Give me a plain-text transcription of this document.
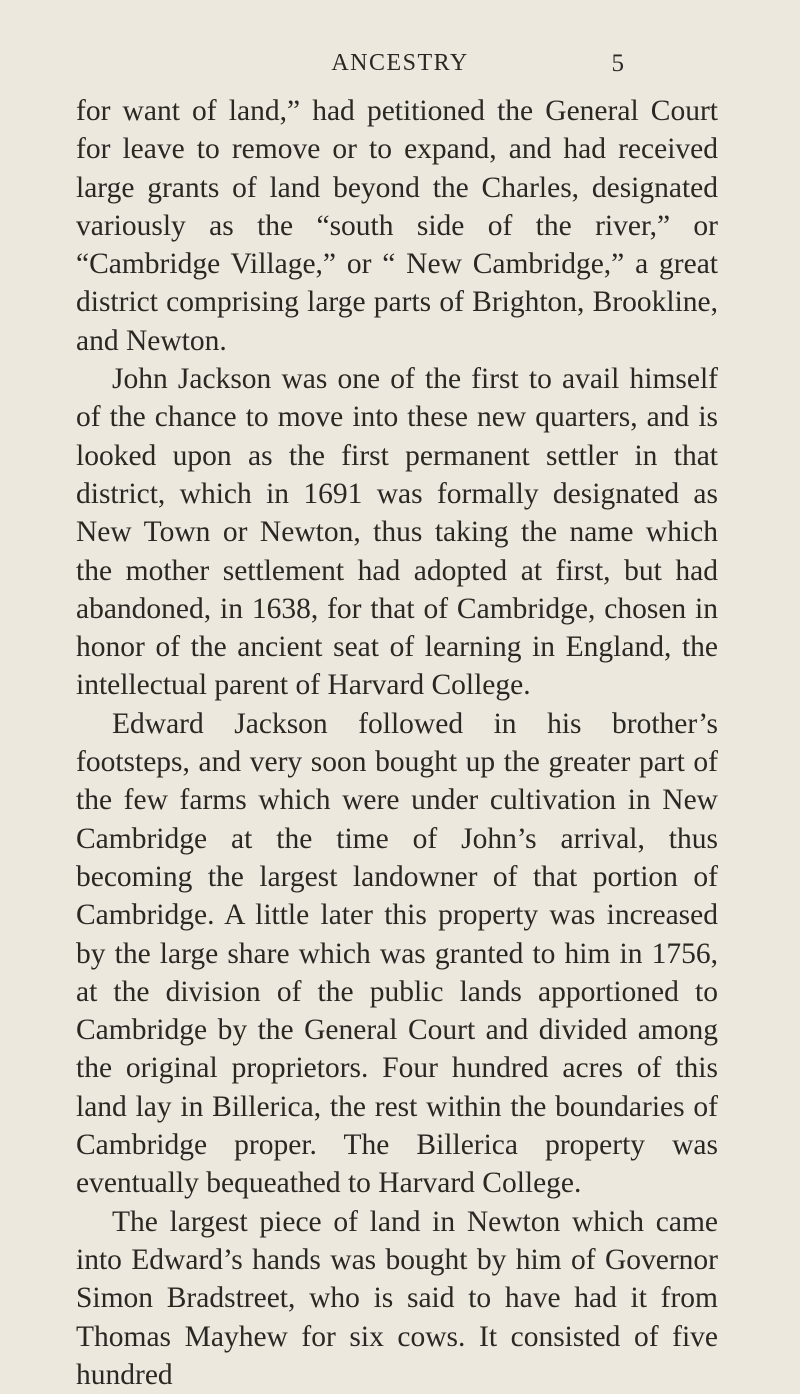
ANCESTRY	5

for want of land,” had petitioned the General Court for leave to remove or to expand, and had received large grants of land beyond the Charles, designated variously as the “south side of the river,” or “Cambridge Village,” or “ New Cambridge,” a great district comprising large parts of Brighton, Brookline, and Newton.

John Jackson was one of the first to avail himself of the chance to move into these new quarters, and is looked upon as the first permanent settler in that district, which in 1691 was formally designated as New Town or Newton, thus taking the name which the mother settlement had adopted at first, but had abandoned, in 1638, for that of Cambridge, chosen in honor of the ancient seat of learning in England, the intellectual parent of Harvard College.

Edward Jackson followed in his brother’s footsteps, and very soon bought up the greater part of the few farms which were under cultivation in New Cambridge at the time of John’s arrival, thus becoming the largest landowner of that portion of Cambridge. A little later this property was increased by the large share which was granted to him in 1756, at the division of the public lands apportioned to Cambridge by the General Court and divided among the original proprietors. Four hundred acres of this land lay in Billerica, the rest within the boundaries of Cambridge proper. The Billerica property was eventually bequeathed to Harvard College.

The largest piece of land in Newton which came into Edward’s hands was bought by him of Governor Simon Bradstreet, who is said to have had it from Thomas Mayhew for six cows. It consisted of five hundred
